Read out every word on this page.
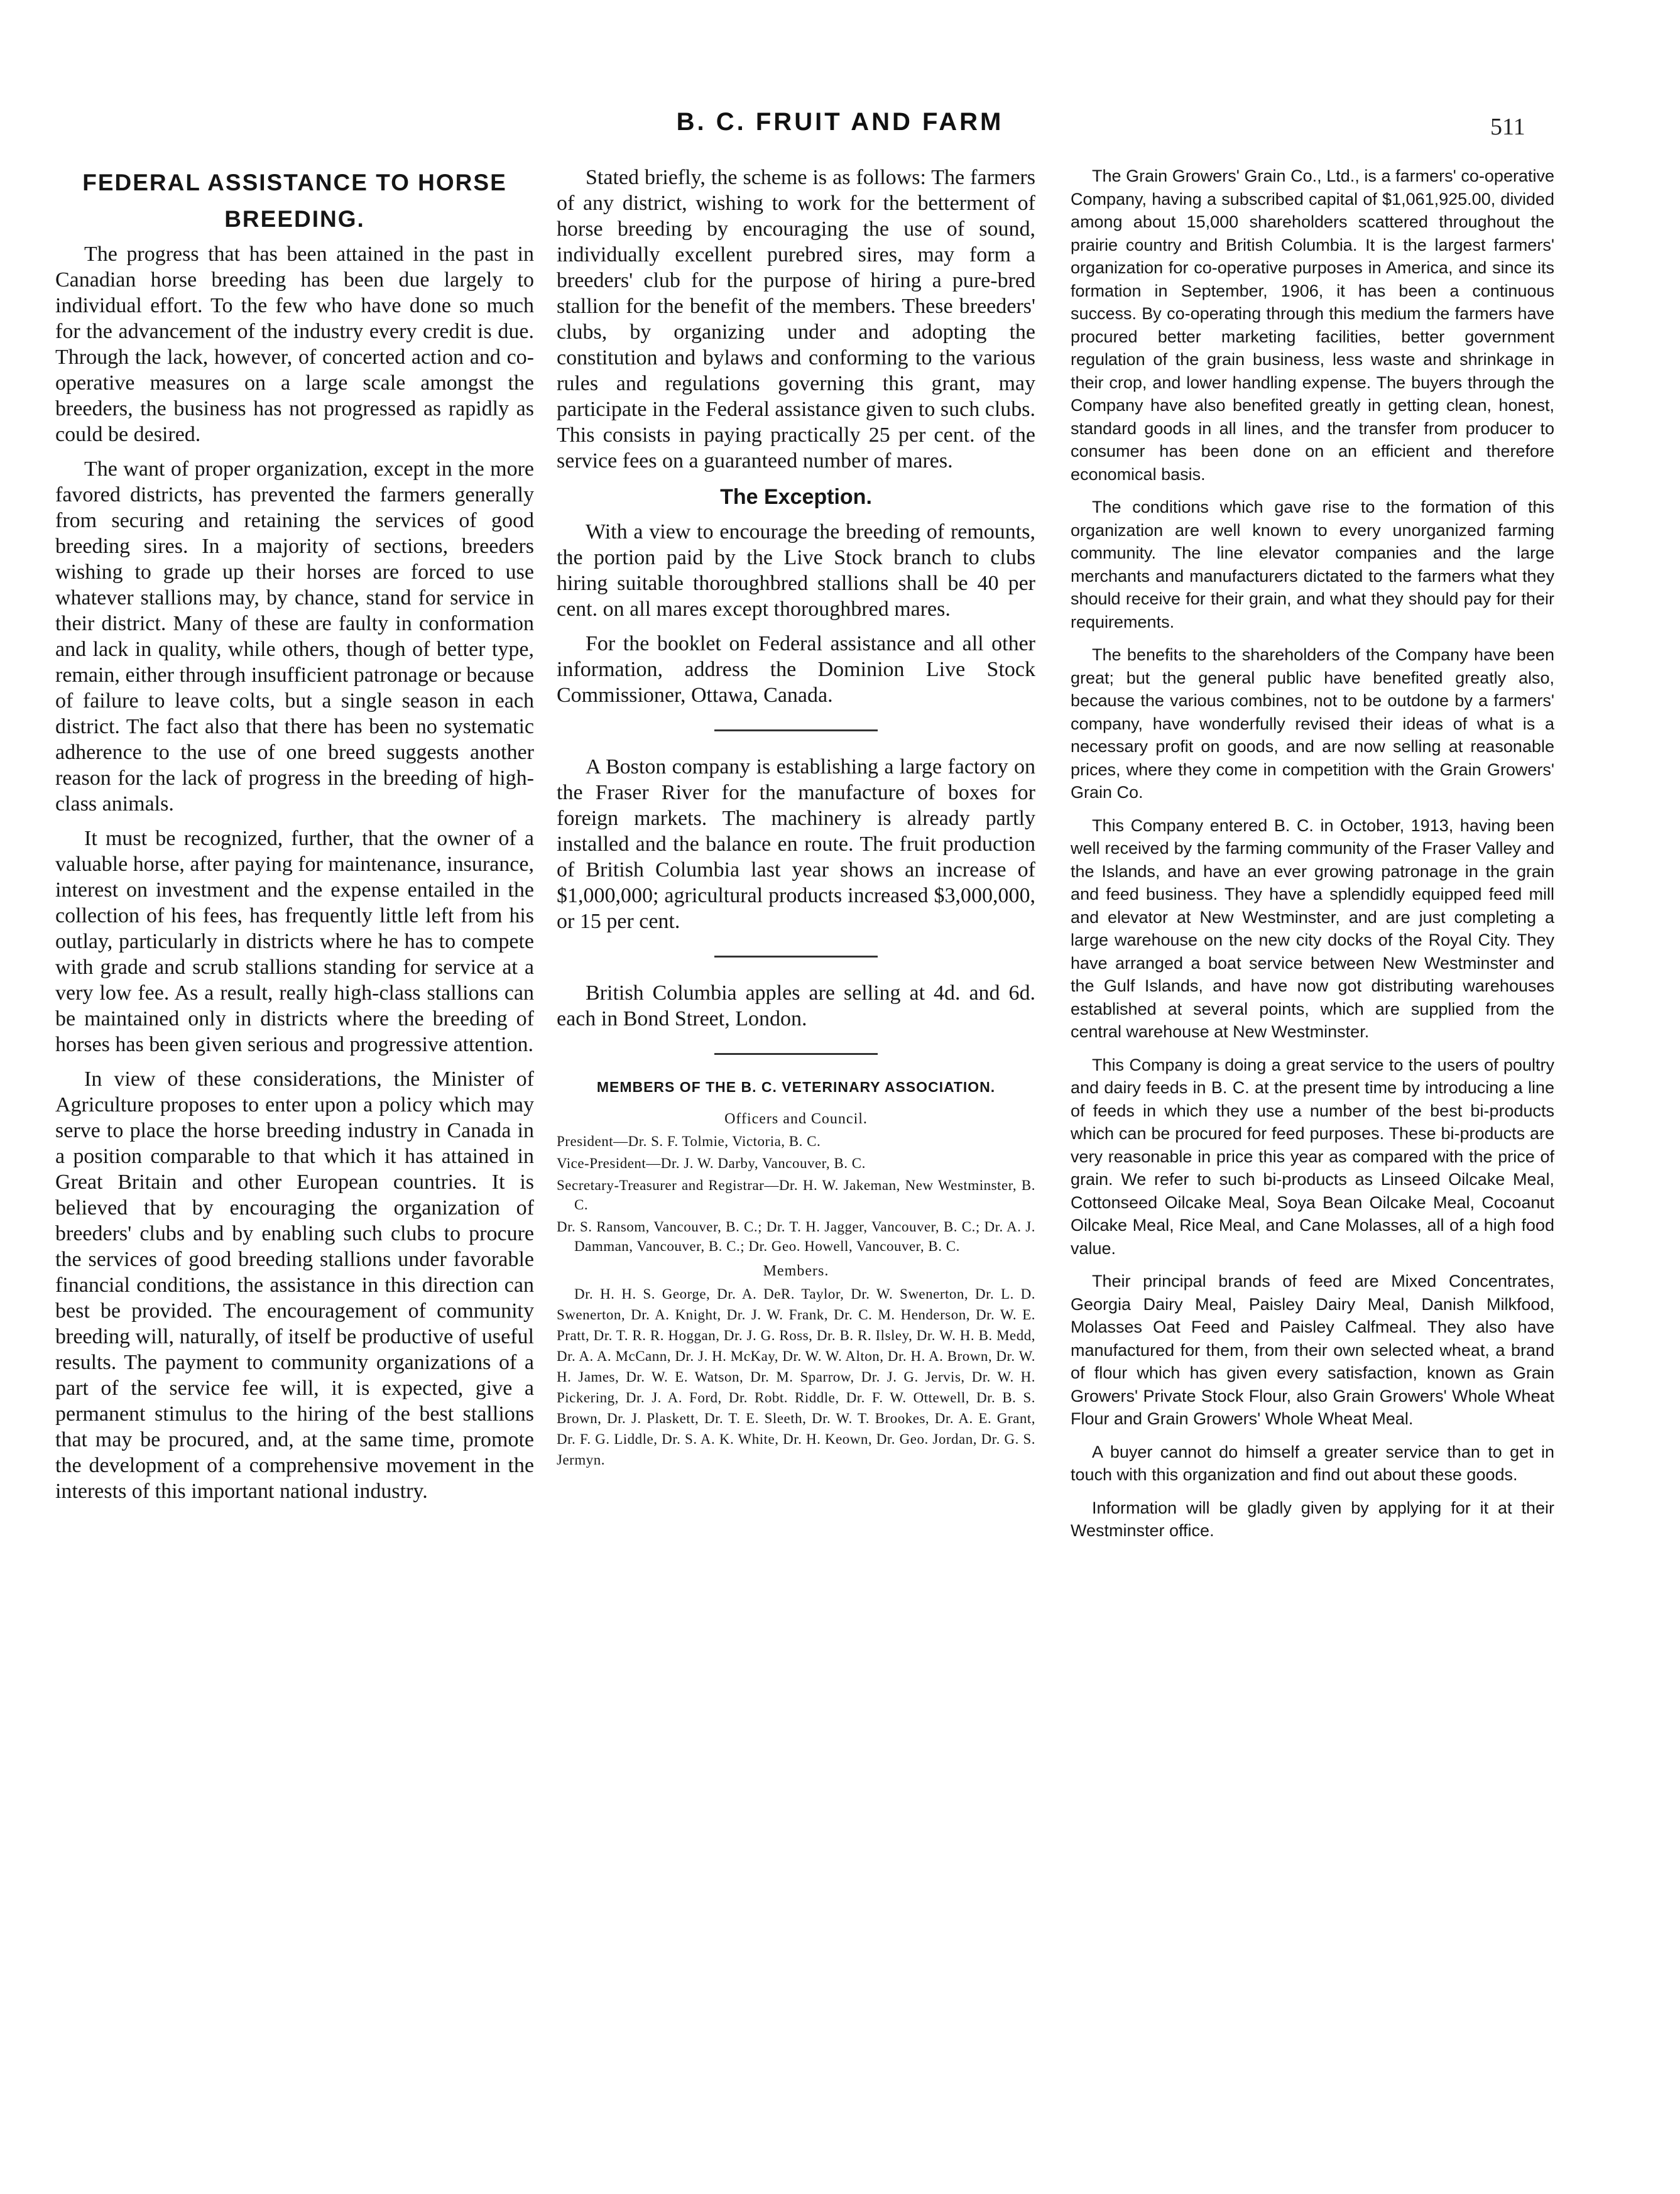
B. C. FRUIT AND FARM	511
FEDERAL ASSISTANCE TO HORSE BREEDING.

The progress that has been attained in the past in Canadian horse breeding has been due largely to individual effort. To the few who have done so much for the advancement of the industry every credit is due. Through the lack, however, of concerted action and co-operative measures on a large scale amongst the breeders, the business has not progressed as rapidly as could be desired.

The want of proper organization, except in the more favored districts, has prevented the farmers generally from securing and retaining the services of good breeding sires. In a majority of sections, breeders wishing to grade up their horses are forced to use whatever stallions may, by chance, stand for service in their district. Many of these are faulty in conformation and lack in quality, while others, though of better type, remain, either through insufficient patronage or because of failure to leave colts, but a single season in each district. The fact also that there has been no systematic adherence to the use of one breed suggests another reason for the lack of progress in the breeding of high-class animals.

It must be recognized, further, that the owner of a valuable horse, after paying for maintenance, insurance, interest on investment and the expense entailed in the collection of his fees, has frequently little left from his outlay, particularly in districts where he has to compete with grade and scrub stallions standing for service at a very low fee. As a result, really high-class stallions can be maintained only in districts where the breeding of horses has been given serious and progressive attention.

In view of these considerations, the Minister of Agriculture proposes to enter upon a policy which may serve to place the horse breeding industry in Canada in a position comparable to that which it has attained in Great Britain and other European countries. It is believed that by encouraging the organization of breeders' clubs and by enabling such clubs to procure the services of good breeding stallions under favorable financial conditions, the assistance in this direction can best be provided. The encouragement of community breeding will, naturally, of itself be productive of useful results. The payment to community organizations of a part of the service fee will, it is expected, give a permanent stimulus to the hiring of the best stallions that may be procured, and, at the same time, promote the development of a comprehensive movement in the interests of this important national industry.

Stated briefly, the scheme is as follows: The farmers of any district, wishing to work for the betterment of horse breeding by encouraging the use of sound, individually excellent purebred sires, may form a breeders' club for the purpose of hiring a pure-bred stallion for the benefit of the members. These breeders' clubs, by organizing under and adopting the constitution and bylaws and conforming to the various rules and regulations governing this grant, may participate in the Federal assistance given to such clubs. This consists in paying practically 25 per cent. of the service fees on a guaranteed number of mares.

The Exception.

With a view to encourage the breeding of remounts, the portion paid by the Live Stock branch to clubs hiring suitable thoroughbred stallions shall be 40 per cent. on all mares except thoroughbred mares.

For the booklet on Federal assistance and all other information, address the Dominion Live Stock Commissioner, Ottawa, Canada.

A Boston company is establishing a large factory on the Fraser River for the manufacture of boxes for foreign markets. The machinery is already partly installed and the balance en route. The fruit production of British Columbia last year shows an increase of $1,000,000; agricultural products increased $3,000,000, or 15 per cent.

British Columbia apples are selling at 4d. and 6d. each in Bond Street, London.

MEMBERS OF THE B. C. VETERINARY ASSOCIATION.
Officers and Council.
President—Dr. S. F. Tolmie, Victoria, B. C.
Vice-President—Dr. J. W. Darby, Vancouver, B. C.
Secretary-Treasurer and Registrar—Dr. H. W. Jakeman, New Westminster, B. C.
Dr. S. Ransom, Vancouver, B. C.; Dr. T. H. Jagger, Vancouver, B. C.; Dr. A. J. Damman, Vancouver, B. C.; Dr. Geo. Howell, Vancouver, B. C.
Members.
Dr. H. H. S. George, Dr. A. DeR. Taylor, Dr. W. Swenerton, Dr. L. D. Swenerton, Dr. A. Knight, Dr. J. W. Frank, Dr. C. M. Henderson, Dr. W. E. Pratt, Dr. T. R. R. Hoggan, Dr. J. G. Ross, Dr. B. R. Ilsley, Dr. W. H. B. Medd, Dr. A. A. McCann, Dr. J. H. McKay, Dr. W. W. Alton, Dr. H. A. Brown, Dr. W. H. James, Dr. W. E. Watson, Dr. M. Sparrow, Dr. J. G. Jervis, Dr. W. H. Pickering, Dr. J. A. Ford, Dr. Robt. Riddle, Dr. F. W. Ottewell, Dr. B. S. Brown, Dr. J. Plaskett, Dr. T. E. Sleeth, Dr. W. T. Brookes, Dr. A. E. Grant, Dr. F. G. Liddle, Dr. S. A. K. White, Dr. H. Keown, Dr. Geo. Jordan, Dr. G. S. Jermyn.

The Grain Growers' Grain Co., Ltd., is a farmers' co-operative Company, having a subscribed capital of $1,061,925.00, divided among about 15,000 shareholders scattered throughout the prairie country and British Columbia. It is the largest farmers' organization for co-operative purposes in America, and since its formation in September, 1906, it has been a continuous success. By co-operating through this medium the farmers have procured better marketing facilities, better government regulation of the grain business, less waste and shrinkage in their crop, and lower handling expense. The buyers through the Company have also benefited greatly in getting clean, honest, standard goods in all lines, and the transfer from producer to consumer has been done on an efficient and therefore economical basis.

The conditions which gave rise to the formation of this organization are well known to every unorganized farming community. The line elevator companies and the large merchants and manufacturers dictated to the farmers what they should receive for their grain, and what they should pay for their requirements.

The benefits to the shareholders of the Company have been great; but the general public have benefited greatly also, because the various combines, not to be outdone by a farmers' company, have wonderfully revised their ideas of what is a necessary profit on goods, and are now selling at reasonable prices, where they come in competition with the Grain Growers' Grain Co.

This Company entered B. C. in October, 1913, having been well received by the farming community of the Fraser Valley and the Islands, and have an ever growing patronage in the grain and feed business. They have a splendidly equipped feed mill and elevator at New Westminster, and are just completing a large warehouse on the new city docks of the Royal City. They have arranged a boat service between New Westminster and the Gulf Islands, and have now got distributing warehouses established at several points, which are supplied from the central warehouse at New Westminster.

This Company is doing a great service to the users of poultry and dairy feeds in B. C. at the present time by introducing a line of feeds in which they use a number of the best bi-products which can be procured for feed purposes. These bi-products are very reasonable in price this year as compared with the price of grain. We refer to such bi-products as Linseed Oilcake Meal, Cottonseed Oilcake Meal, Soya Bean Oilcake Meal, Cocoanut Oilcake Meal, Rice Meal, and Cane Molasses, all of a high food value.

Their principal brands of feed are Mixed Concentrates, Georgia Dairy Meal, Paisley Dairy Meal, Danish Milkfood, Molasses Oat Feed and Paisley Calfmeal. They also have manufactured for them, from their own selected wheat, a brand of flour which has given every satisfaction, known as Grain Growers' Private Stock Flour, also Grain Growers' Whole Wheat Flour and Grain Growers' Whole Wheat Meal.

A buyer cannot do himself a greater service than to get in touch with this organization and find out about these goods.

Information will be gladly given by applying for it at their Westminster office.
